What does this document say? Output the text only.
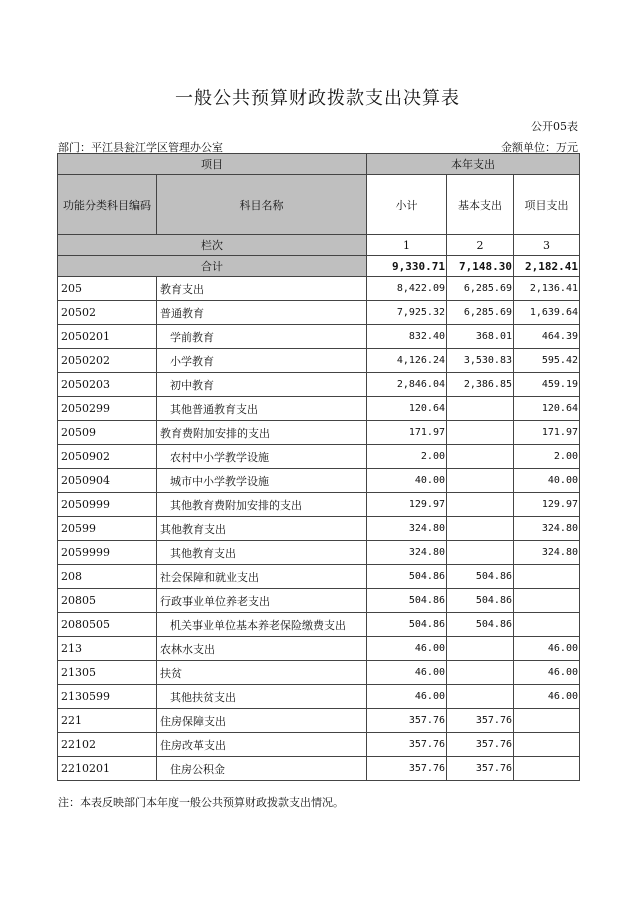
一般公共预算财政拨款支出决算表
公开05表
部门：平江县瓮江学区管理办公室	金额单位：万元
项目		本年支出		
功能分类科目编码	科目名称	小计	基本支出	项目支出
栏次		1	2	3
合计		9,330.71	7,148.30	2,182.41
205	教育支出	8,422.09	6,285.69	2,136.41
20502	普通教育	7,925.32	6,285.69	1,639.64
2050201	学前教育	832.40	368.01	464.39
2050202	小学教育	4,126.24	3,530.83	595.42
2050203	初中教育	2,846.04	2,386.85	459.19
2050299	其他普通教育支出	120.64		120.64
20509	教育费附加安排的支出	171.97		171.97
2050902	农村中小学教学设施	2.00		2.00
2050904	城市中小学教学设施	40.00		40.00
2050999	其他教育费附加安排的支出	129.97		129.97
20599	其他教育支出	324.80		324.80
2059999	其他教育支出	324.80		324.80
208	社会保障和就业支出	504.86	504.86	
20805	行政事业单位养老支出	504.86	504.86	
2080505	机关事业单位基本养老保险缴费支出	504.86	504.86	
213	农林水支出	46.00		46.00
21305	扶贫	46.00		46.00
2130599	其他扶贫支出	46.00		46.00
221	住房保障支出	357.76	357.76	
22102	住房改革支出	357.76	357.76	
2210201	住房公积金	357.76	357.76	
注：本表反映部门本年度一般公共预算财政拨款支出情况。
